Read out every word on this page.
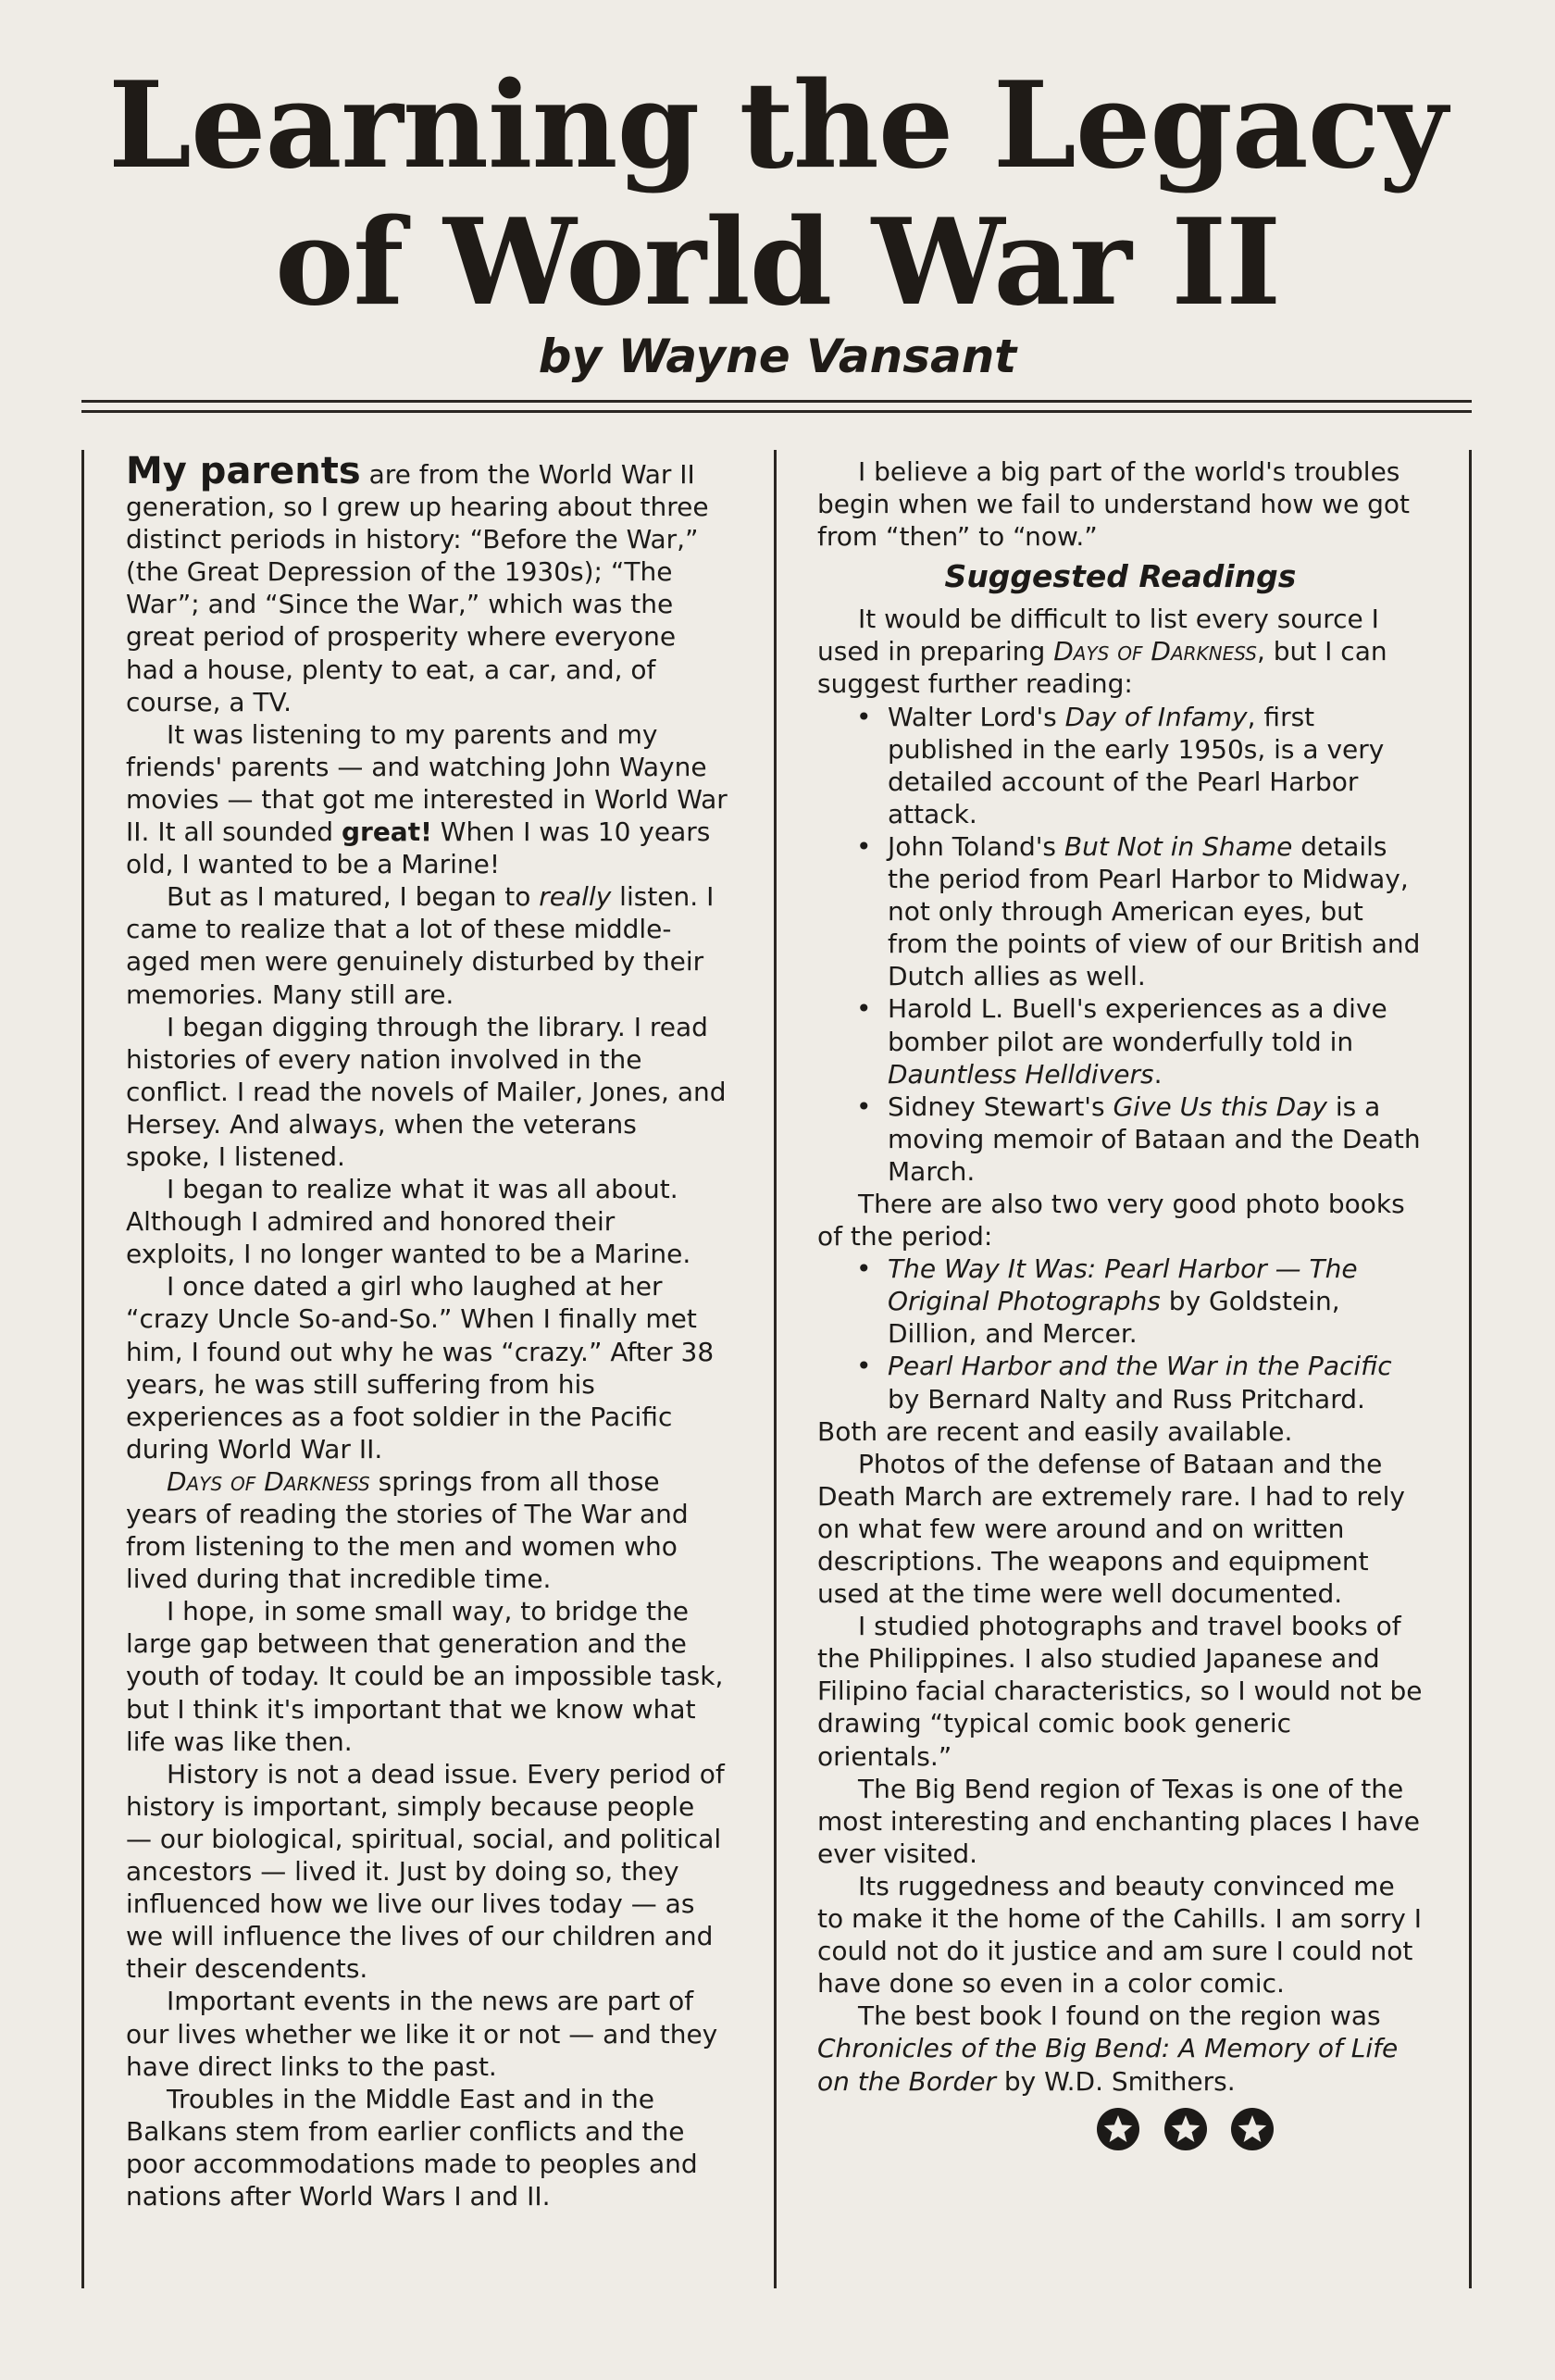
Learning the Legacy
of World War II
by Wayne Vansant

My parents are from the World War II generation, so I grew up hearing about three distinct periods in history: “Before the War,” (the Great Depression of the 1930s); “The War”; and “Since the War,” which was the great period of prosperity where everyone had a house, plenty to eat, a car, and, of course, a TV.

It was listening to my parents and my friends' parents — and watching John Wayne movies — that got me interested in World War II. It all sounded great! When I was 10 years old, I wanted to be a Marine!

But as I matured, I began to really listen. I came to realize that a lot of these middle-aged men were genuinely disturbed by their memories. Many still are.

I began digging through the library. I read histories of every nation involved in the conflict. I read the novels of Mailer, Jones, and Hersey. And always, when the veterans spoke, I listened.

I began to realize what it was all about. Although I admired and honored their exploits, I no longer wanted to be a Marine.

I once dated a girl who laughed at her “crazy Uncle So-and-So.” When I finally met him, I found out why he was “crazy.” After 38 years, he was still suffering from his experiences as a foot soldier in the Pacific during World War II.

Days of Darkness springs from all those years of reading the stories of The War and from listening to the men and women who lived during that incredible time.

I hope, in some small way, to bridge the large gap between that generation and the youth of today. It could be an impossible task, but I think it's important that we know what life was like then.

History is not a dead issue. Every period of history is important, simply because people — our biological, spiritual, social, and political ancestors — lived it. Just by doing so, they influenced how we live our lives today — as we will influence the lives of our children and their descendents.

Important events in the news are part of our lives whether we like it or not — and they have direct links to the past.

Troubles in the Middle East and in the Balkans stem from earlier conflicts and the poor accommodations made to peoples and nations after World Wars I and II.

I believe a big part of the world's troubles begin when we fail to understand how we got from “then” to “now.”

Suggested Readings

It would be difficult to list every source I used in preparing Days of Darkness, but I can suggest further reading:

• Walter Lord's Day of Infamy, first published in the early 1950s, is a very detailed account of the Pearl Harbor attack.
• John Toland's But Not in Shame details the period from Pearl Harbor to Midway, not only through American eyes, but from the points of view of our British and Dutch allies as well.
• Harold L. Buell's experiences as a dive bomber pilot are wonderfully told in Dauntless Helldivers.
• Sidney Stewart's Give Us this Day is a moving memoir of Bataan and the Death March.

There are also two very good photo books of the period:

• The Way It Was: Pearl Harbor — The Original Photographs by Goldstein, Dillion, and Mercer.
• Pearl Harbor and the War in the Pacific by Bernard Nalty and Russ Pritchard.

Both are recent and easily available.

Photos of the defense of Bataan and the Death March are extremely rare. I had to rely on what few were around and on written descriptions. The weapons and equipment used at the time were well documented.

I studied photographs and travel books of the Philippines. I also studied Japanese and Filipino facial characteristics, so I would not be drawing “typical comic book generic orientals.”

The Big Bend region of Texas is one of the most interesting and enchanting places I have ever visited.

Its ruggedness and beauty convinced me to make it the home of the Cahills. I am sorry I could not do it justice and am sure I could not have done so even in a color comic.

The best book I found on the region was Chronicles of the Big Bend: A Memory of Life on the Border by W.D. Smithers.
